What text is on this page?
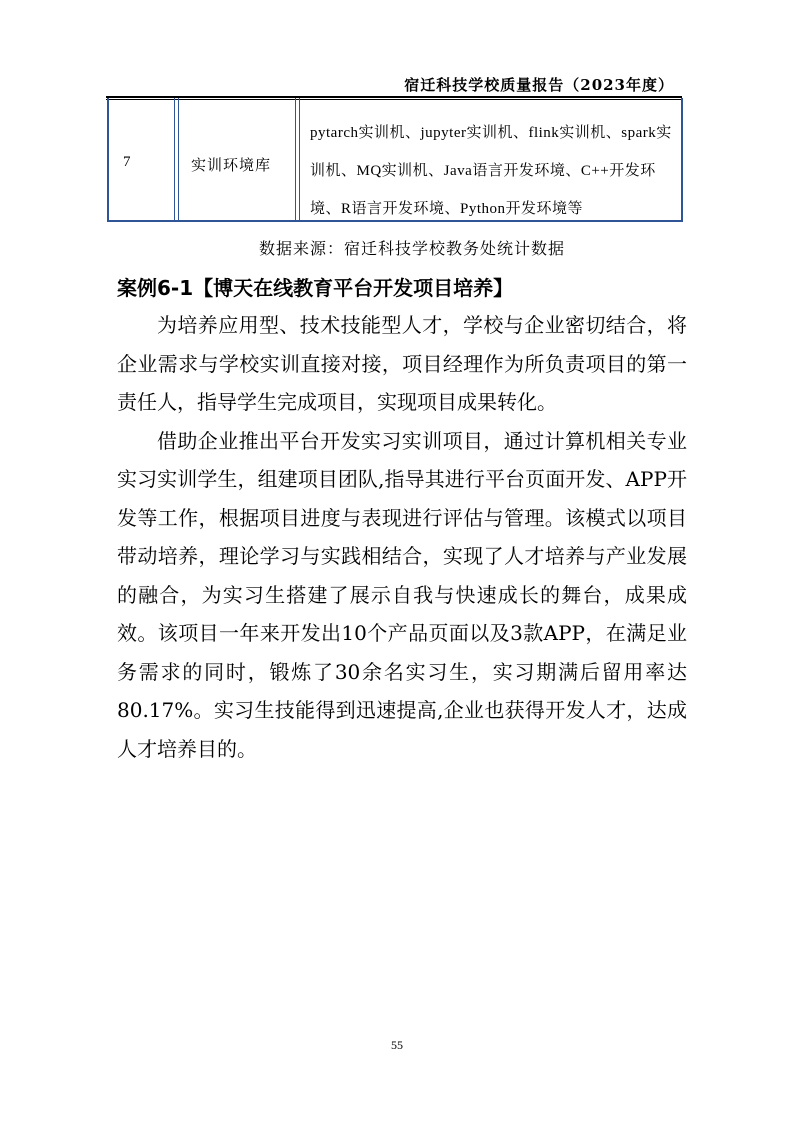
宿迁科技学校质量报告（2023年度）
7	实训环境库
pytarch实训机、jupyter实训机、flink实训机、spark实训机、MQ实训机、Java语言开发环境、C++开发环境、R语言开发环境、Python开发环境等
数据来源：宿迁科技学校教务处统计数据
案例6-1【博天在线教育平台开发项目培养】

为培养应用型、技术技能型人才，学校与企业密切结合，将企业需求与学校实训直接对接，项目经理作为所负责项目的第一责任人，指导学生完成项目，实现项目成果转化。

借助企业推出平台开发实习实训项目，通过计算机相关专业实习实训学生，组建项目团队,指导其进行平台页面开发、APP开发等工作，根据项目进度与表现进行评估与管理。该模式以项目带动培养，理论学习与实践相结合，实现了人才培养与产业发展的融合，为实习生搭建了展示自我与快速成长的舞台，成果成效。该项目一年来开发出10个产品页面以及3款APP，在满足业务需求的同时，锻炼了30余名实习生，实习期满后留用率达80.17%。实习生技能得到迅速提高,企业也获得开发人才，达成人才培养目的。

55
